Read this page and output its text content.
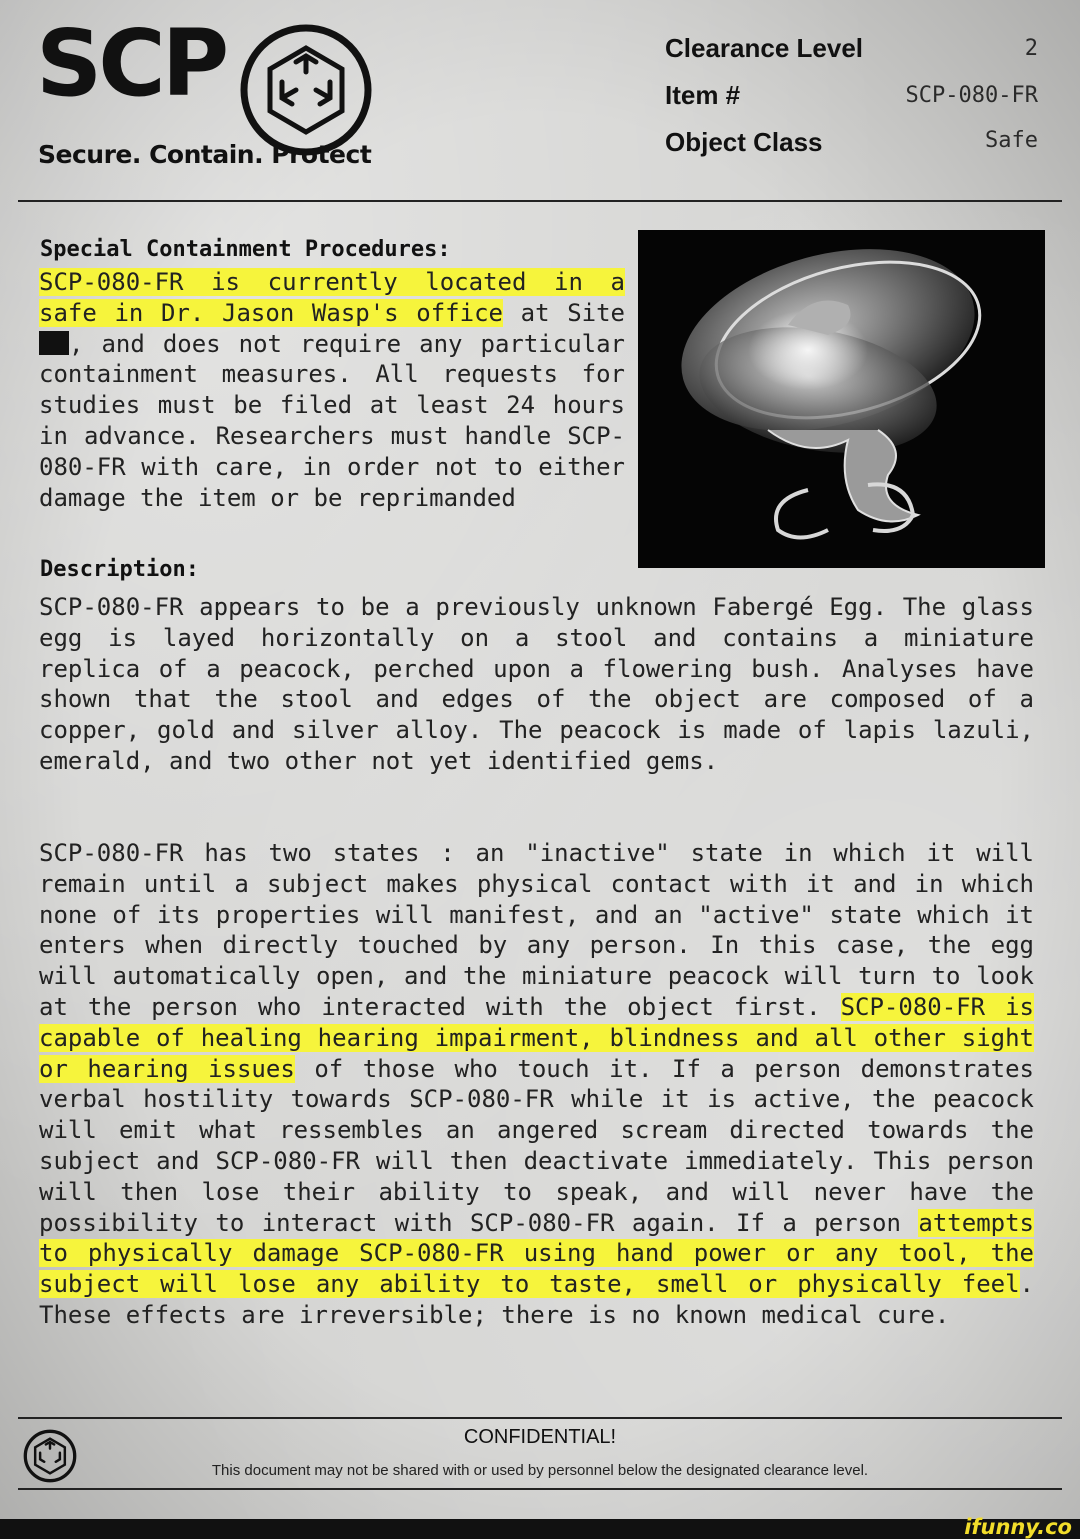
SCP
Secure. Contain. Protect
Clearance Level	2
Item #	SCP-080-FR
Object Class	Safe
Special Containment Procedures:

SCP-080-FR is currently located in a safe in Dr. Jason Wasp's office at Site , and does not require any particular containment measures. All requests for studies must be filed at least 24 hours in advance. Researchers must handle SCP-080-FR with care, in order not to either damage the item or be reprimanded

Description:

SCP-080-FR appears to be a previously unknown Fabergé Egg. The glass egg is layed horizontally on a stool and contains a miniature replica of a peacock, perched upon a flowering bush. Analyses have shown that the stool and edges of the object are composed of a copper, gold and silver alloy. The peacock is made of lapis lazuli, emerald, and two other not yet identified gems.

SCP-080-FR has two states : an "inactive" state in which it will remain until a subject makes physical contact with it and in which none of its properties will manifest, and an "active" state which it enters when directly touched by any person. In this case, the egg will automatically open, and the miniature peacock will turn to look at the person who interacted with the object first. SCP-080-FR is capable of healing hearing impairment, blindness and all other sight or hearing issues of those who touch it. If a person demonstrates verbal hostility towards SCP-080-FR while it is active, the peacock will emit what ressembles an angered scream directed towards the subject and SCP-080-FR will then deactivate immediately. This person will then lose their ability to speak, and will never have the possibility to interact with SCP-080-FR again. If a person attempts to physically damage SCP-080-FR using hand power or any tool, the subject will lose any ability to taste, smell or physically feel. These effects are irreversible; there is no known medical cure.

CONFIDENTIAL!
This document may not be shared with or used by personnel below the designated clearance level.
ifunny.co
